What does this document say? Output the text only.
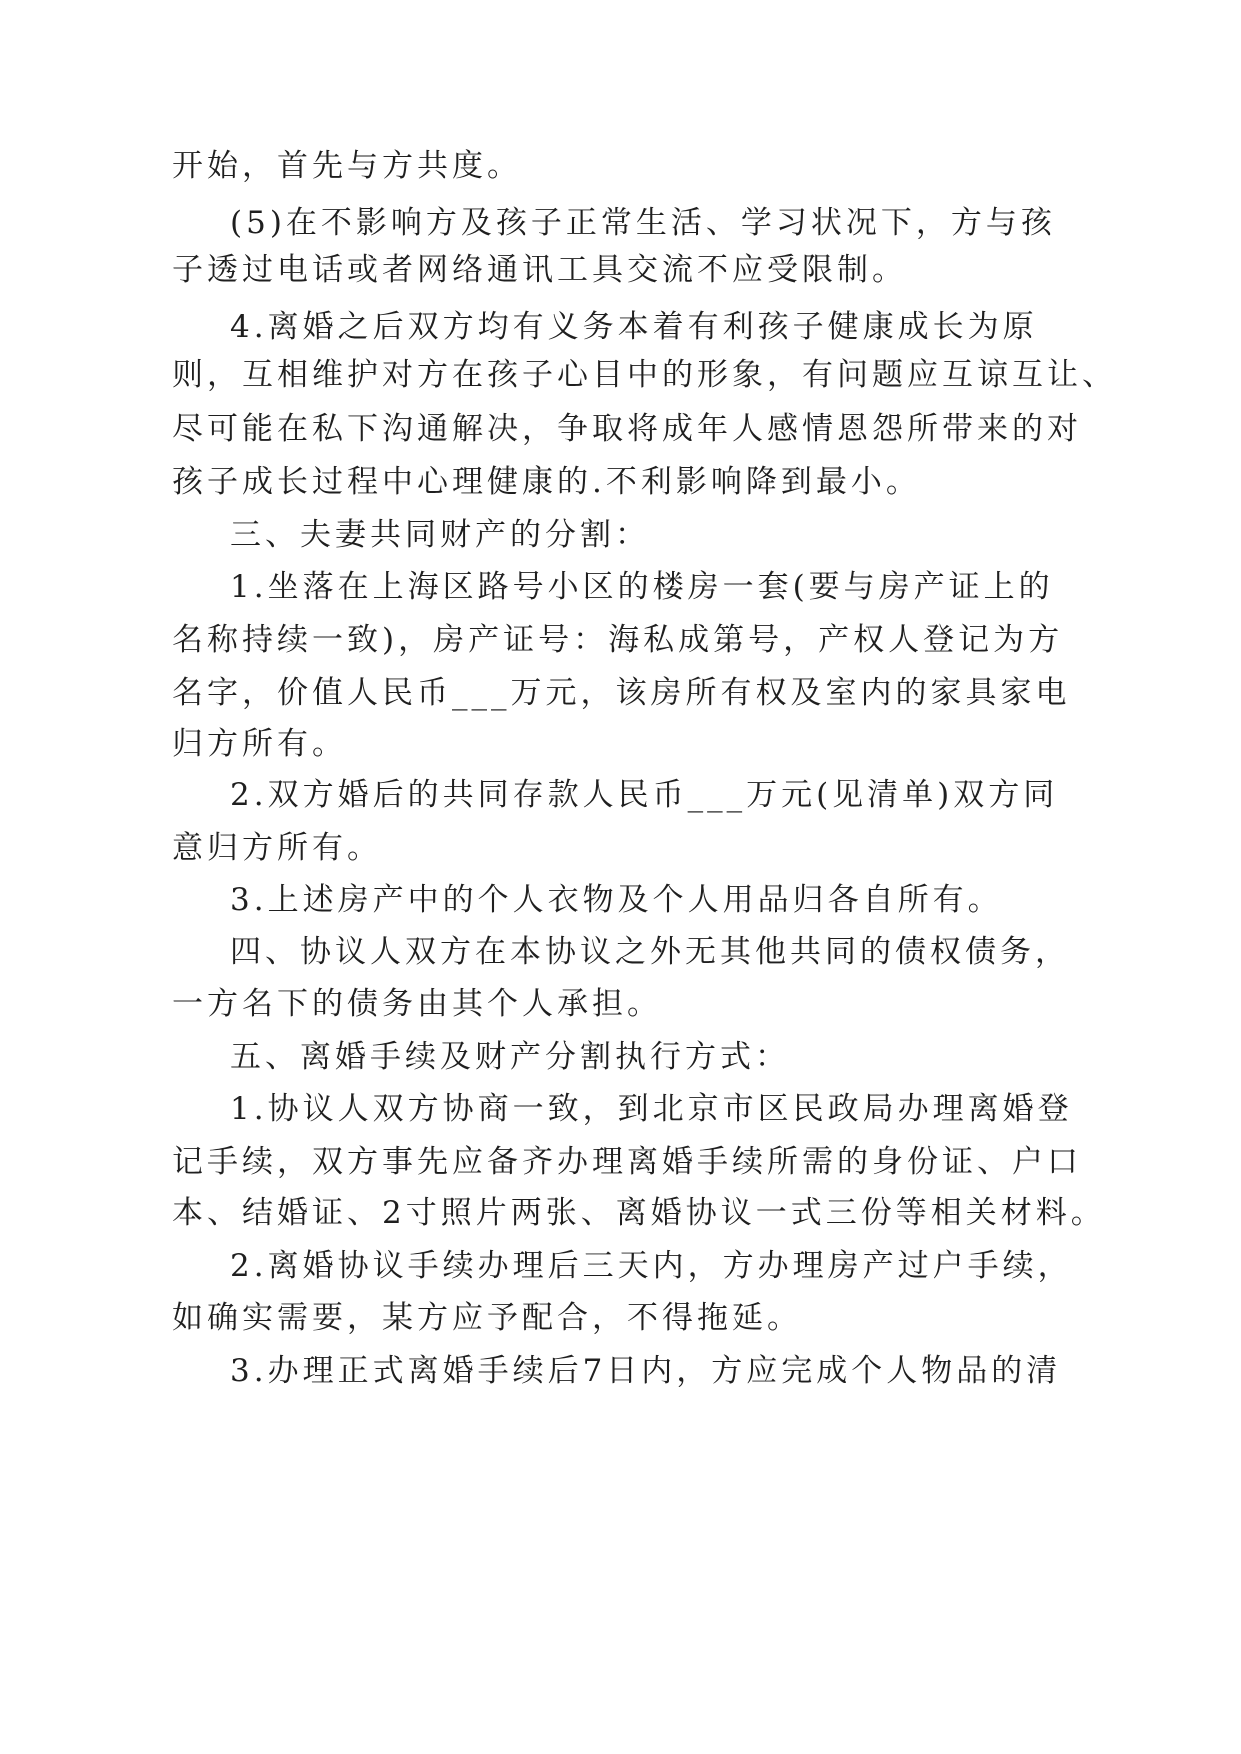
开始，首先与方共度。
(5)在不影响方及孩子正常生活、学习状况下，方与孩
子透过电话或者网络通讯工具交流不应受限制。
4.离婚之后双方均有义务本着有利孩子健康成长为原
则，互相维护对方在孩子心目中的形象，有问题应互谅互让、
尽可能在私下沟通解决，争取将成年人感情恩怨所带来的对
孩子成长过程中心理健康的.不利影响降到最小。
三、夫妻共同财产的分割：
1.坐落在上海区路号小区的楼房一套(要与房产证上的
名称持续一致)，房产证号：海私成第号，产权人登记为方
名字，价值人民币___万元，该房所有权及室内的家具家电
归方所有。
2.双方婚后的共同存款人民币___万元(见清单)双方同
意归方所有。
3.上述房产中的个人衣物及个人用品归各自所有。
四、协议人双方在本协议之外无其他共同的债权债务，
一方名下的债务由其个人承担。
五、离婚手续及财产分割执行方式：
1.协议人双方协商一致，到北京市区民政局办理离婚登
记手续，双方事先应备齐办理离婚手续所需的身份证、户口
本、结婚证、2寸照片两张、离婚协议一式三份等相关材料。
2.离婚协议手续办理后三天内，方办理房产过户手续，
如确实需要，某方应予配合，不得拖延。
3.办理正式离婚手续后7日内，方应完成个人物品的清
